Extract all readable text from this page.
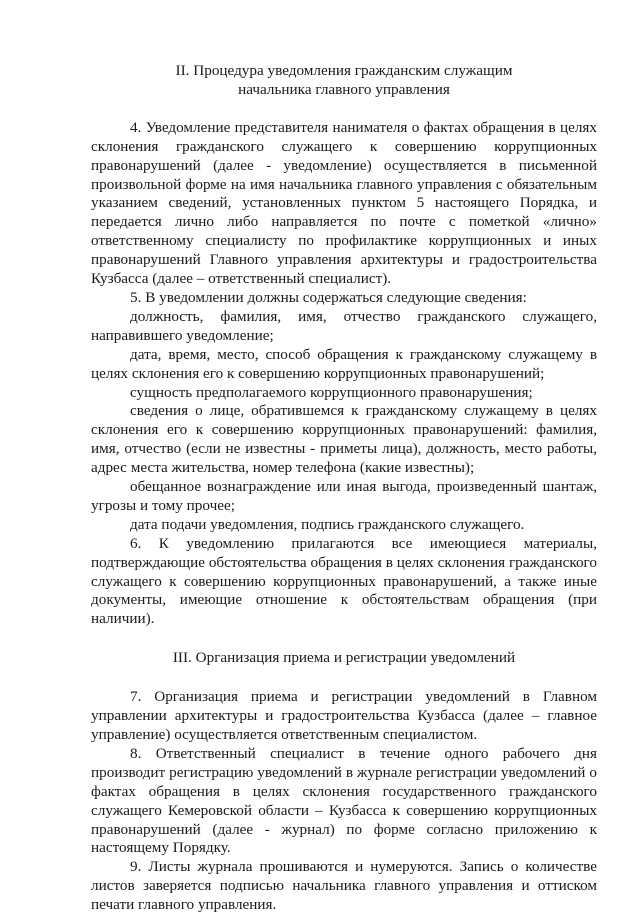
II. Процедура уведомления гражданским служащим
начальника главного управления

4. Уведомление представителя нанимателя о фактах обращения в целях склонения гражданского служащего к совершению коррупционных правонарушений (далее - уведомление) осуществляется в письменной произвольной форме на имя начальника главного управления с обязательным указанием сведений, установленных пунктом 5 настоящего Порядка, и передается лично либо направляется по почте с пометкой «лично» ответственному специалисту по профилактике коррупционных и иных правонарушений Главного управления архитектуры и градостроительства Кузбасса (далее – ответственный специалист).

5. В уведомлении должны содержаться следующие сведения:

должность, фамилия, имя, отчество гражданского служащего, направившего уведомление;

дата, время, место, способ обращения к гражданскому служащему в целях склонения его к совершению коррупционных правонарушений;

сущность предполагаемого коррупционного правонарушения;

сведения о лице, обратившемся к гражданскому служащему в целях склонения его к совершению коррупционных правонарушений: фамилия, имя, отчество (если не известны - приметы лица), должность, место работы, адрес места жительства, номер телефона (какие известны);

обещанное вознаграждение или иная выгода, произведенный шантаж, угрозы и тому прочее;

дата подачи уведомления, подпись гражданского служащего.

6. К уведомлению прилагаются все имеющиеся материалы, подтверждающие обстоятельства обращения в целях склонения гражданского служащего к совершению коррупционных правонарушений, а также иные документы, имеющие отношение к обстоятельствам обращения (при наличии).

III. Организация приема и регистрации уведомлений

7. Организация приема и регистрации уведомлений в Главном управлении архитектуры и градостроительства Кузбасса (далее – главное управление) осуществляется ответственным специалистом.

8. Ответственный специалист в течение одного рабочего дня производит регистрацию уведомлений в журнале регистрации уведомлений о фактах обращения в целях склонения государственного гражданского служащего Кемеровской области – Кузбасса к совершению коррупционных правонарушений (далее - журнал) по форме согласно приложению к настоящему Порядку.

9. Листы журнала прошиваются и нумеруются. Запись о количестве листов заверяется подписью начальника главного управления и оттиском печати главного управления.
